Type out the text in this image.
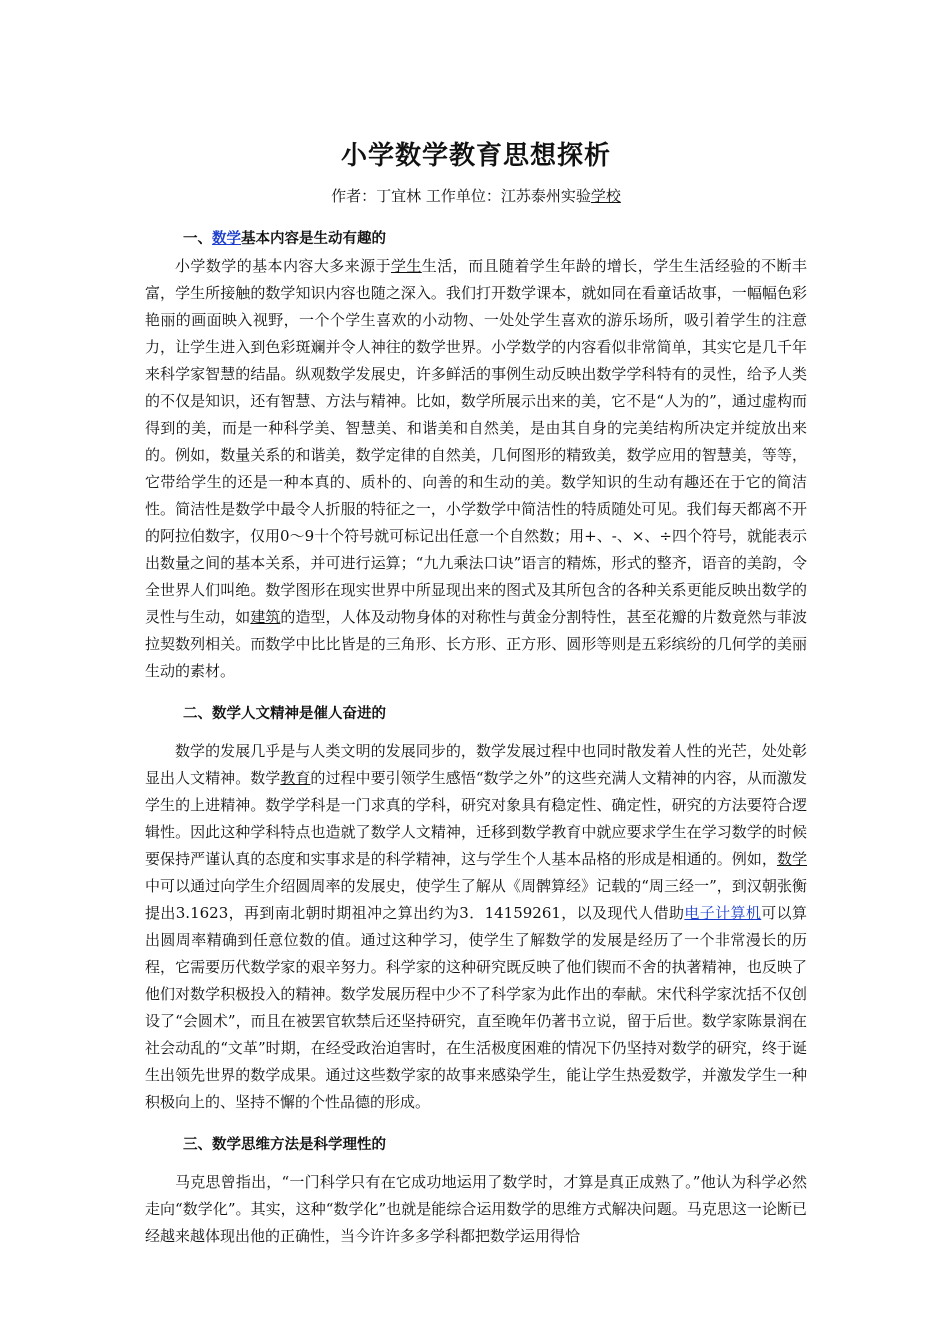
小学数学教育思想探析

作者：丁宜林 工作单位：江苏泰州实验学校

一、数学基本内容是生动有趣的

小学数学的基本内容大多来源于学生生活，而且随着学生年龄的增长，学生生活经验的不断丰富，学生所接触的数学知识内容也随之深入。我们打开数学课本，就如同在看童话故事，一幅幅色彩艳丽的画面映入视野，一个个学生喜欢的小动物、一处处学生喜欢的游乐场所，吸引着学生的注意力，让学生进入到色彩斑斓并令人神往的数学世界。小学数学的内容看似非常简单，其实它是几千年来科学家智慧的结晶。纵观数学发展史，许多鲜活的事例生动反映出数学学科特有的灵性，给予人类的不仅是知识，还有智慧、方法与精神。比如，数学所展示出来的美，它不是“人为的”，通过虚构而得到的美，而是一种科学美、智慧美、和谐美和自然美，是由其自身的完美结构所决定并绽放出来的。例如，数量关系的和谐美，数学定律的自然美，几何图形的精致美，数学应用的智慧美，等等，它带给学生的还是一种本真的、质朴的、向善的和生动的美。数学知识的生动有趣还在于它的简洁性。简洁性是数学中最令人折服的特征之一，小学数学中简洁性的特质随处可见。我们每天都离不开的阿拉伯数字，仅用0～9十个符号就可标记出任意一个自然数；用+、-、×、÷四个符号，就能表示出数量之间的基本关系，并可进行运算；“九九乘法口诀”语言的精炼，形式的整齐，语音的美韵，令全世界人们叫绝。数学图形在现实世界中所显现出来的图式及其所包含的各种关系更能反映出数学的灵性与生动，如建筑的造型，人体及动物身体的对称性与黄金分割特性，甚至花瓣的片数竟然与菲波拉契数列相关。而数学中比比皆是的三角形、长方形、正方形、圆形等则是五彩缤纷的几何学的美丽生动的素材。

二、数学人文精神是催人奋进的

数学的发展几乎是与人类文明的发展同步的，数学发展过程中也同时散发着人性的光芒，处处彰显出人文精神。数学教育的过程中要引领学生感悟“数学之外”的这些充满人文精神的内容，从而激发学生的上进精神。数学学科是一门求真的学科，研究对象具有稳定性、确定性，研究的方法要符合逻辑性。因此这种学科特点也造就了数学人文精神，迁移到数学教育中就应要求学生在学习数学的时候要保持严谨认真的态度和实事求是的科学精神，这与学生个人基本品格的形成是相通的。例如，数学中可以通过向学生介绍圆周率的发展史，使学生了解从《周髀算经》记载的“周三经一”，到汉朝张衡提出3.1623，再到南北朝时期祖冲之算出约为3．14159261，以及现代人借助电子计算机可以算出圆周率精确到任意位数的值。通过这种学习，使学生了解数学的发展是经历了一个非常漫长的历程，它需要历代数学家的艰辛努力。科学家的这种研究既反映了他们锲而不舍的执著精神，也反映了他们对数学积极投入的精神。数学发展历程中少不了科学家为此作出的奉献。宋代科学家沈括不仅创设了“会圆术”，而且在被罢官软禁后还坚持研究，直至晚年仍著书立说，留于后世。数学家陈景润在社会动乱的“文革”时期，在经受政治迫害时，在生活极度困难的情况下仍坚持对数学的研究，终于诞生出领先世界的数学成果。通过这些数学家的故事来感染学生，能让学生热爱数学，并激发学生一种积极向上的、坚持不懈的个性品德的形成。

三、数学思维方法是科学理性的

马克思曾指出，“一门科学只有在它成功地运用了数学时，才算是真正成熟了。”他认为科学必然走向“数学化”。其实，这种“数学化”也就是能综合运用数学的思维方式解决问题。马克思这一论断已经越来越体现出他的正确性，当今许许多多学科都把数学运用得恰
